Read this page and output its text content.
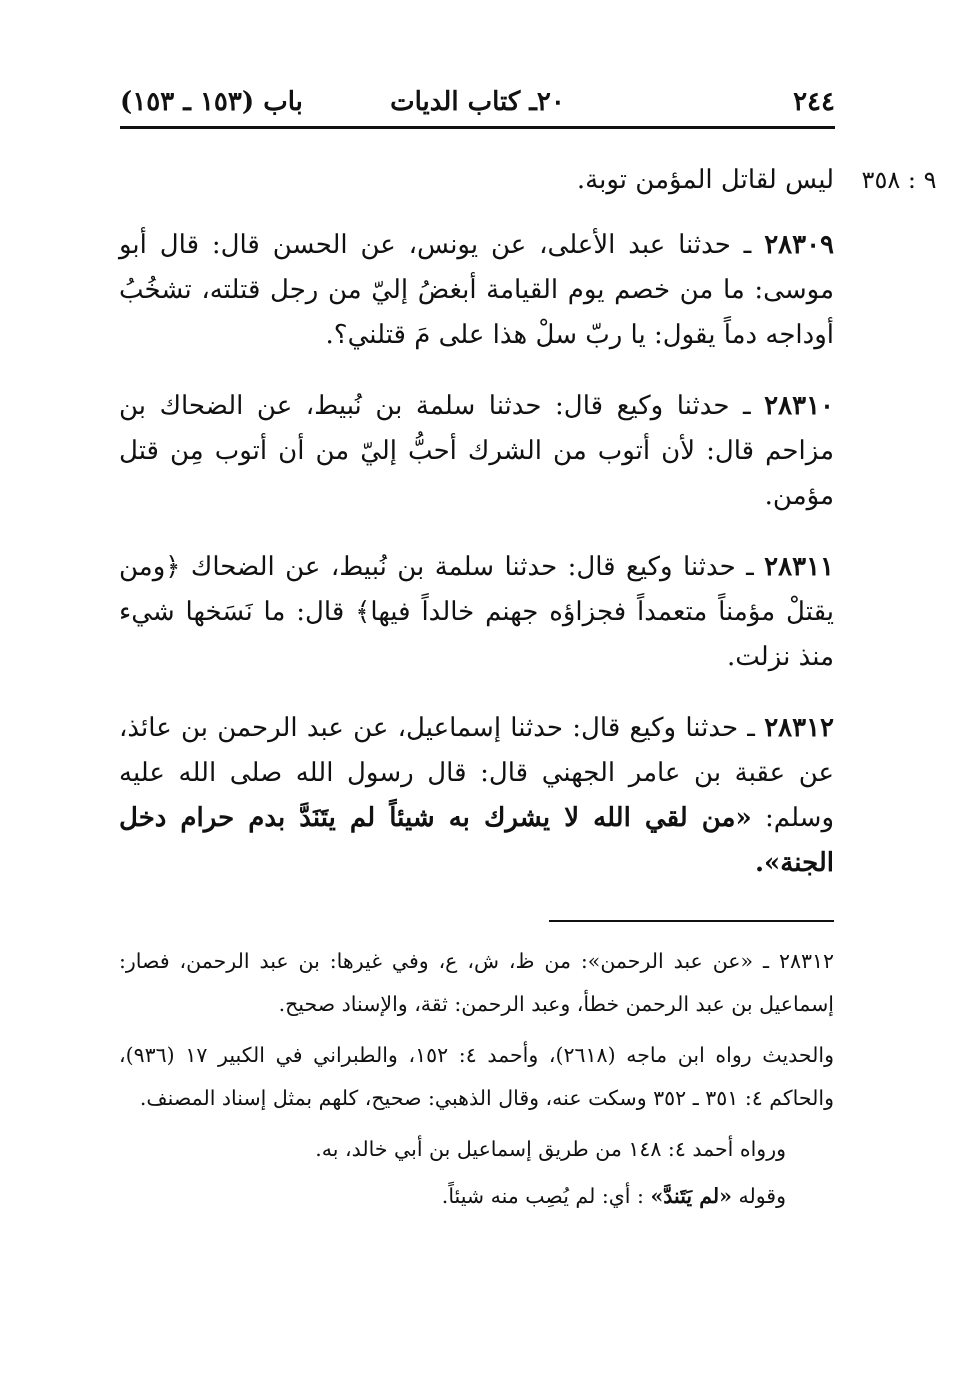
٢٤٤
٢٠ـ كتاب الديات
باب (١٥٣ ـ ١٥٣)
٩ : ٣٥٨
ليس لقاتل المؤمن توبة.

٢٨٣٠٩ ـ حدثنا عبد الأعلى، عن يونس، عن الحسن قال: قال أبو موسى: ما من خصم يوم القيامة أبغضُ إليّ من رجل قتلته، تشخُبُ أوداجه دماً يقول: يا ربّ سلْ هذا على مَ قتلني؟.

٢٨٣١٠ ـ حدثنا وكيع قال: حدثنا سلمة بن نُبيط، عن الضحاك بن مزاحم قال: لأن أتوب من الشرك أحبُّ إليّ من أن أتوب مِن قتل مؤمن.

٢٨٣١١ ـ حدثنا وكيع قال: حدثنا سلمة بن نُبيط، عن الضحاك ﴿ومن يقتلْ مؤمناً متعمداً فجزاؤه جهنم خالداً فيها﴾ قال: ما نَسَخها شيء منذ نزلت.

٢٨٣١٢ ـ حدثنا وكيع قال: حدثنا إسماعيل، عن عبد الرحمن بن عائذ، عن عقبة بن عامر الجهني قال: قال رسول الله صلى الله عليه وسلم: «من لقي الله لا يشرك به شيئاً لم يتَنَدَّ بدم حرام دخل الجنة».

٢٨٣١٢ ـ «عن عبد الرحمن»: من ظ، ش، ع، وفي غيرها: بن عبد الرحمن، فصار: إسماعيل بن عبد الرحمن خطأ، وعبد الرحمن: ثقة، والإسناد صحيح.

والحديث رواه ابن ماجه (٢٦١٨)، وأحمد ٤: ١٥٢، والطبراني في الكبير ١٧ (٩٣٦)، والحاكم ٤: ٣٥١ ـ ٣٥٢ وسكت عنه، وقال الذهبي: صحيح، كلهم بمثل إسناد المصنف.

ورواه أحمد ٤: ١٤٨ من طريق إسماعيل بن أبي خالد، به.

وقوله «لم يَتَندَّ» : أي: لم يُصِب منه شيئاً.
